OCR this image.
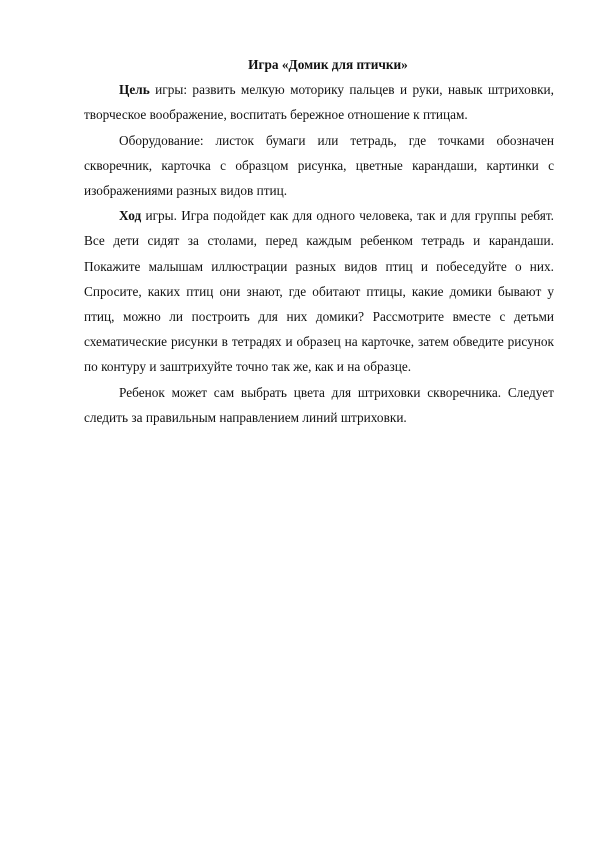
Игра «Домик для птички»

Цель игры: развить мелкую моторику пальцев и руки, навык штриховки, творческое воображение, воспитать бережное отношение к птицам.

Оборудование: листок бумаги или тетрадь, где точками обозначен скворечник, карточка с образцом рисунка, цветные карандаши, картинки с изображениями разных видов птиц.

Ход игры. Игра подойдет как для одного человека, так и для группы ребят. Все дети сидят за столами, перед каждым ребенком тетрадь и карандаши. Покажите малышам иллюстрации разных видов птиц и побеседуйте о них. Спросите, каких птиц они знают, где обитают птицы, какие домики бывают у птиц, можно ли построить для них домики? Рассмотрите вместе с детьми схематические рисунки в тетрадях и образец на карточке, затем обведите рисунок по контуру и заштрихуйте точно так же, как и на образце.

Ребенок может сам выбрать цвета для штриховки скворечника. Следует следить за правильным направлением линий штриховки.
